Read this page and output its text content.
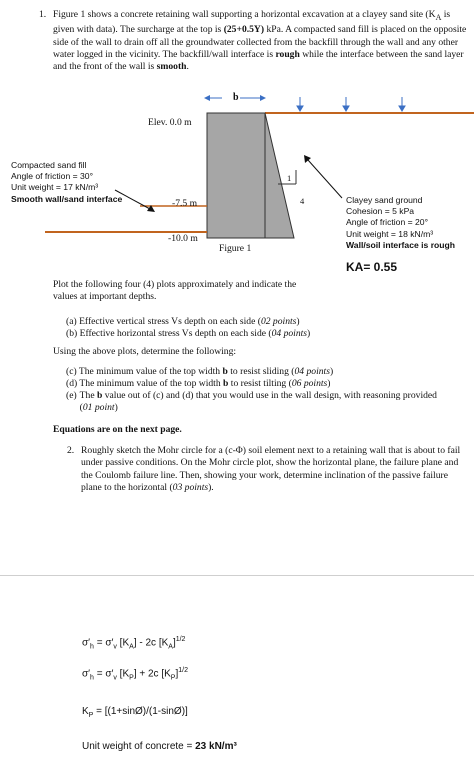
1. Figure 1 shows a concrete retaining wall supporting a horizontal excavation at a clayey sand site ($K_A$ is given with data). The surcharge at the top is (25+0.5Y) kPa. A compacted sand fill is placed on the opposite side of the wall to drain off all the groundwater collected from the backfill through the wall and any other water logged in the vicinity. The backfill/wall interface is rough while the interface between the sand layer and the front of the wall is smooth.
b
Elev. 0.0 m
-7.5 m
-10.0 m
1
4
Figure 1
Compacted sand fill
Angle of friction = 30°
Unit weight = 17 kN/m³
Smooth wall/sand interface	Clayey sand ground
Cohesion = 5 kPa
Angle of friction = 20°
Unit weight = 18 kN/m³
Wall/soil interface is rough
KA= 0.55
Plot the following four (4) plots approximately and indicate the values at important depths.
(a) Effective vertical stress Vs depth on each side (02 points)
(b) Effective horizontal stress Vs depth on each side (04 points)
Using the above plots, determine the following:
(c) The minimum value of the top width b to resist sliding (04 points)
(d) The minimum value of the top width b to resist tilting (06 points)
(e) The b value out of (c) and (d) that you would use in the wall design, with reasoning provided (01 point)
Equations are on the next page.
2. Roughly sketch the Mohr circle for a (c-Φ) soil element next to a retaining wall that is about to fail under passive conditions. On the Mohr circle plot, show the horizontal plane, the failure plane and the Coulomb failure line. Then, showing your work, determine inclination of the passive failure plane to the horizontal (03 points).
$\sigma'_h = \sigma'_v$ $[K_A] - 2c$ $[K_A]^{1/2}$
$\sigma'_h = \sigma'_v$ $[K_P] + 2c$ $[K_P]^{1/2}$
$K_P$ = [(1+sinØ)/(1-sinØ)]
Unit weight of concrete = 23 kN/m³
